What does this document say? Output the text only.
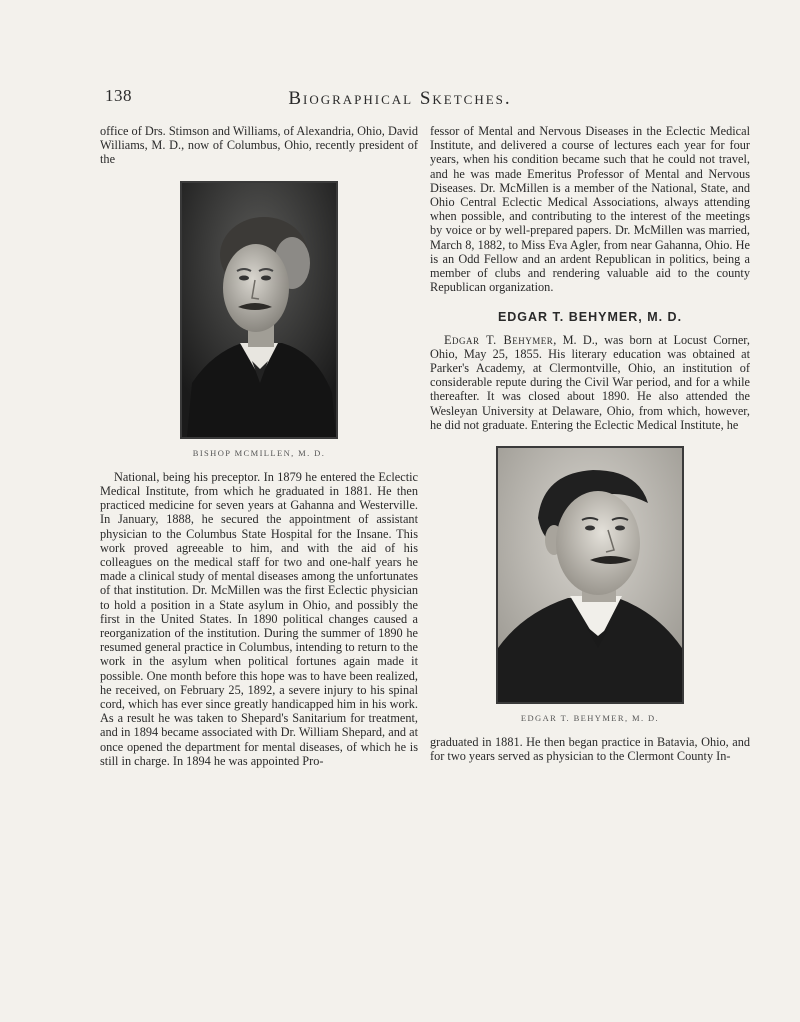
138	Biographical Sketches.

office of Drs. Stimson and Williams, of Alexandria, Ohio, David Williams, M. D., now of Columbus, Ohio, recently president of the

BISHOP MCMILLEN, M. D.

National, being his preceptor. In 1879 he entered the Eclectic Medical Institute, from which he graduated in 1881. He then practiced medicine for seven years at Gahanna and Westerville. In January, 1888, he secured the appointment of assistant physician to the Columbus State Hospital for the Insane. This work proved agreeable to him, and with the aid of his colleagues on the medical staff for two and one-half years he made a clinical study of mental diseases among the unfortunates of that institution. Dr. McMillen was the first Eclectic physician to hold a position in a State asylum in Ohio, and possibly the first in the United States. In 1890 political changes caused a reorganization of the institution. During the summer of 1890 he resumed general practice in Columbus, intending to return to the work in the asylum when political fortunes again made it possible. One month before this hope was to have been realized, he received, on February 25, 1892, a severe injury to his spinal cord, which has ever since greatly handicapped him in his work. As a result he was taken to Shepard's Sanitarium for treatment, and in 1894 became associated with Dr. William Shepard, and at once opened the department for mental diseases, of which he is still in charge. In 1894 he was appointed Pro-

fessor of Mental and Nervous Diseases in the Eclectic Medical Institute, and delivered a course of lectures each year for four years, when his condition became such that he could not travel, and he was made Emeritus Professor of Mental and Nervous Diseases. Dr. McMillen is a member of the National, State, and Ohio Central Eclectic Medical Associations, always attending when possible, and contributing to the interest of the meetings by voice or by well-prepared papers. Dr. McMillen was married, March 8, 1882, to Miss Eva Agler, from near Gahanna, Ohio. He is an Odd Fellow and an ardent Republican in politics, being a member of clubs and rendering valuable aid to the county Republican organization.

EDGAR T. BEHYMER, M. D.

Edgar T. Behymer, M. D., was born at Locust Corner, Ohio, May 25, 1855. His literary education was obtained at Parker's Academy, at Clermontville, Ohio, an institution of considerable repute during the Civil War period, and for a while thereafter. It was closed about 1890. He also attended the Wesleyan University at Delaware, Ohio, from which, however, he did not graduate. Entering the Eclectic Medical Institute, he

EDGAR T. BEHYMER, M. D.

graduated in 1881. He then began practice in Batavia, Ohio, and for two years served as physician to the Clermont County In-
